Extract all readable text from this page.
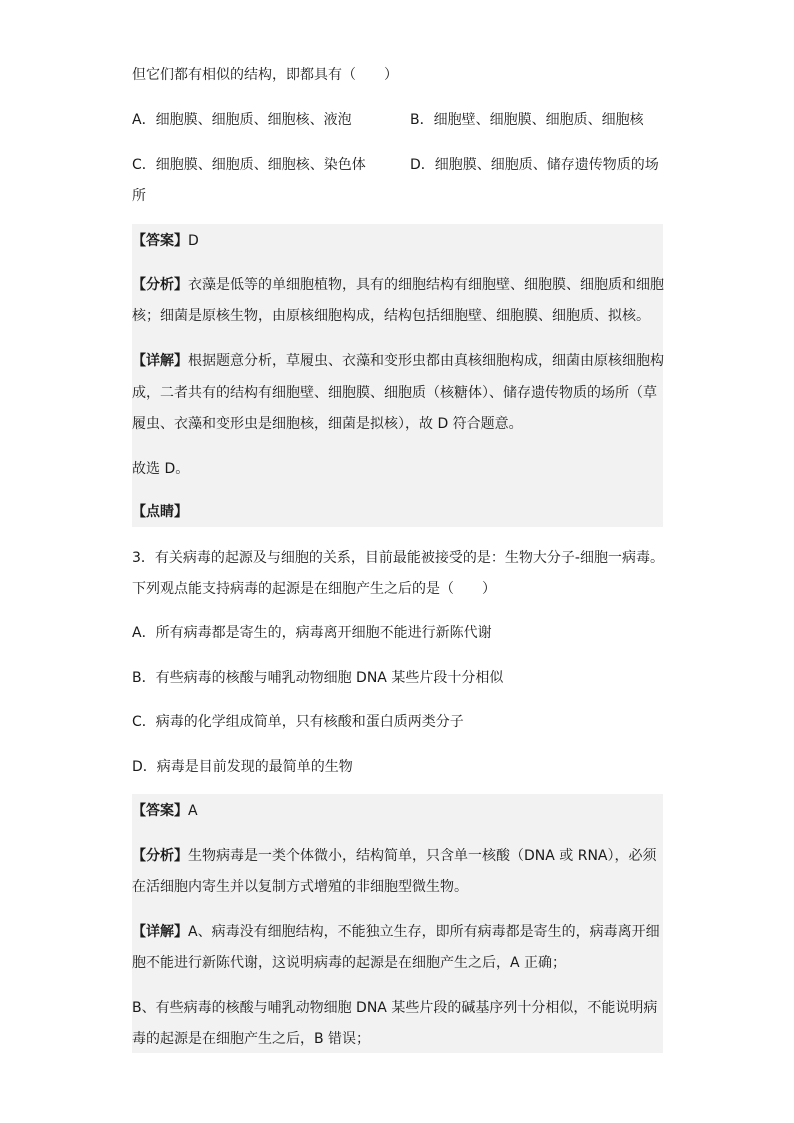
但它们都有相似的结构，即都具有（　　）
A．细胞膜、细胞质、细胞核、液泡	B．细胞壁、细胞膜、细胞质、细胞核
C．细胞膜、细胞质、细胞核、染色体	D．细胞膜、细胞质、储存遗传物质的场
所
【答案】D
【分析】衣藻是低等的单细胞植物，具有的细胞结构有细胞壁、细胞膜、细胞质和细胞
核；细菌是原核生物，由原核细胞构成，结构包括细胞壁、细胞膜、细胞质、拟核。
【详解】根据题意分析，草履虫、衣藻和变形虫都由真核细胞构成，细菌由原核细胞构
成，二者共有的结构有细胞壁、细胞膜、细胞质（核糖体）、储存遗传物质的场所（草
履虫、衣藻和变形虫是细胞核，细菌是拟核），故 D 符合题意。
故选 D。
【点睛】
3．有关病毒的起源及与细胞的关系，目前最能被接受的是：生物大分子-细胞一病毒。
下列观点能支持病毒的起源是在细胞产生之后的是（　　）
A．所有病毒都是寄生的，病毒离开细胞不能进行新陈代谢
B．有些病毒的核酸与哺乳动物细胞 DNA 某些片段十分相似
C．病毒的化学组成简单，只有核酸和蛋白质两类分子
D．病毒是目前发现的最简单的生物
【答案】A
【分析】生物病毒是一类个体微小，结构简单，只含单一核酸（DNA 或 RNA），必须
在活细胞内寄生并以复制方式增殖的非细胞型微生物。
【详解】A、病毒没有细胞结构，不能独立生存，即所有病毒都是寄生的，病毒离开细
胞不能进行新陈代谢，这说明病毒的起源是在细胞产生之后，A 正确；
B、有些病毒的核酸与哺乳动物细胞 DNA 某些片段的碱基序列十分相似，不能说明病
毒的起源是在细胞产生之后，B 错误；
